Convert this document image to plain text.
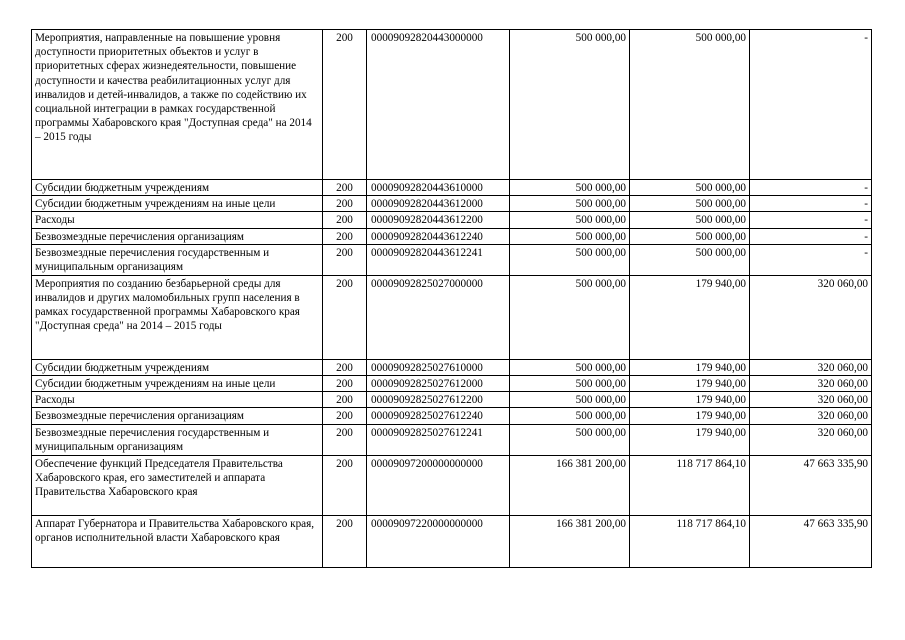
Мероприятия, направленные на повышение уровня доступности приоритетных объектов и услуг в приоритетных сферах жизнедеятельности, повышение доступности и качества реабилитационных услуг для инвалидов и детей-инвалидов, а также по содействию их социальной интеграции в рамках государственной программы Хабаровского края "Доступная среда" на 2014 – 2015 годы	200	00009092820443000000	500 000,00	500 000,00	-
Субсидии бюджетным учреждениям	200	00009092820443610000	500 000,00	500 000,00	-
Субсидии бюджетным учреждениям на иные цели	200	00009092820443612000	500 000,00	500 000,00	-
Расходы	200	00009092820443612200	500 000,00	500 000,00	-
Безвозмездные перечисления организациям	200	00009092820443612240	500 000,00	500 000,00	-
Безвозмездные перечисления государственным и муниципальным организациям	200	00009092820443612241	500 000,00	500 000,00	-
Мероприятия по созданию безбарьерной среды для инвалидов и других маломобильных групп населения в рамках государственной программы Хабаровского края "Доступная среда" на 2014 – 2015 годы	200	00009092825027000000	500 000,00	179 940,00	320 060,00
Субсидии бюджетным учреждениям	200	00009092825027610000	500 000,00	179 940,00	320 060,00
Субсидии бюджетным учреждениям на иные цели	200	00009092825027612000	500 000,00	179 940,00	320 060,00
Расходы	200	00009092825027612200	500 000,00	179 940,00	320 060,00
Безвозмездные перечисления организациям	200	00009092825027612240	500 000,00	179 940,00	320 060,00
Безвозмездные перечисления государственным и муниципальным организациям	200	00009092825027612241	500 000,00	179 940,00	320 060,00
Обеспечение функций Председателя Правительства Хабаровского края, его заместителей и аппарата Правительства Хабаровского края	200	00009097200000000000	166 381 200,00	118 717 864,10	47 663 335,90
Аппарат Губернатора и Правительства Хабаровского края, органов исполнительной власти Хабаровского края	200	00009097220000000000	166 381 200,00	118 717 864,10	47 663 335,90
